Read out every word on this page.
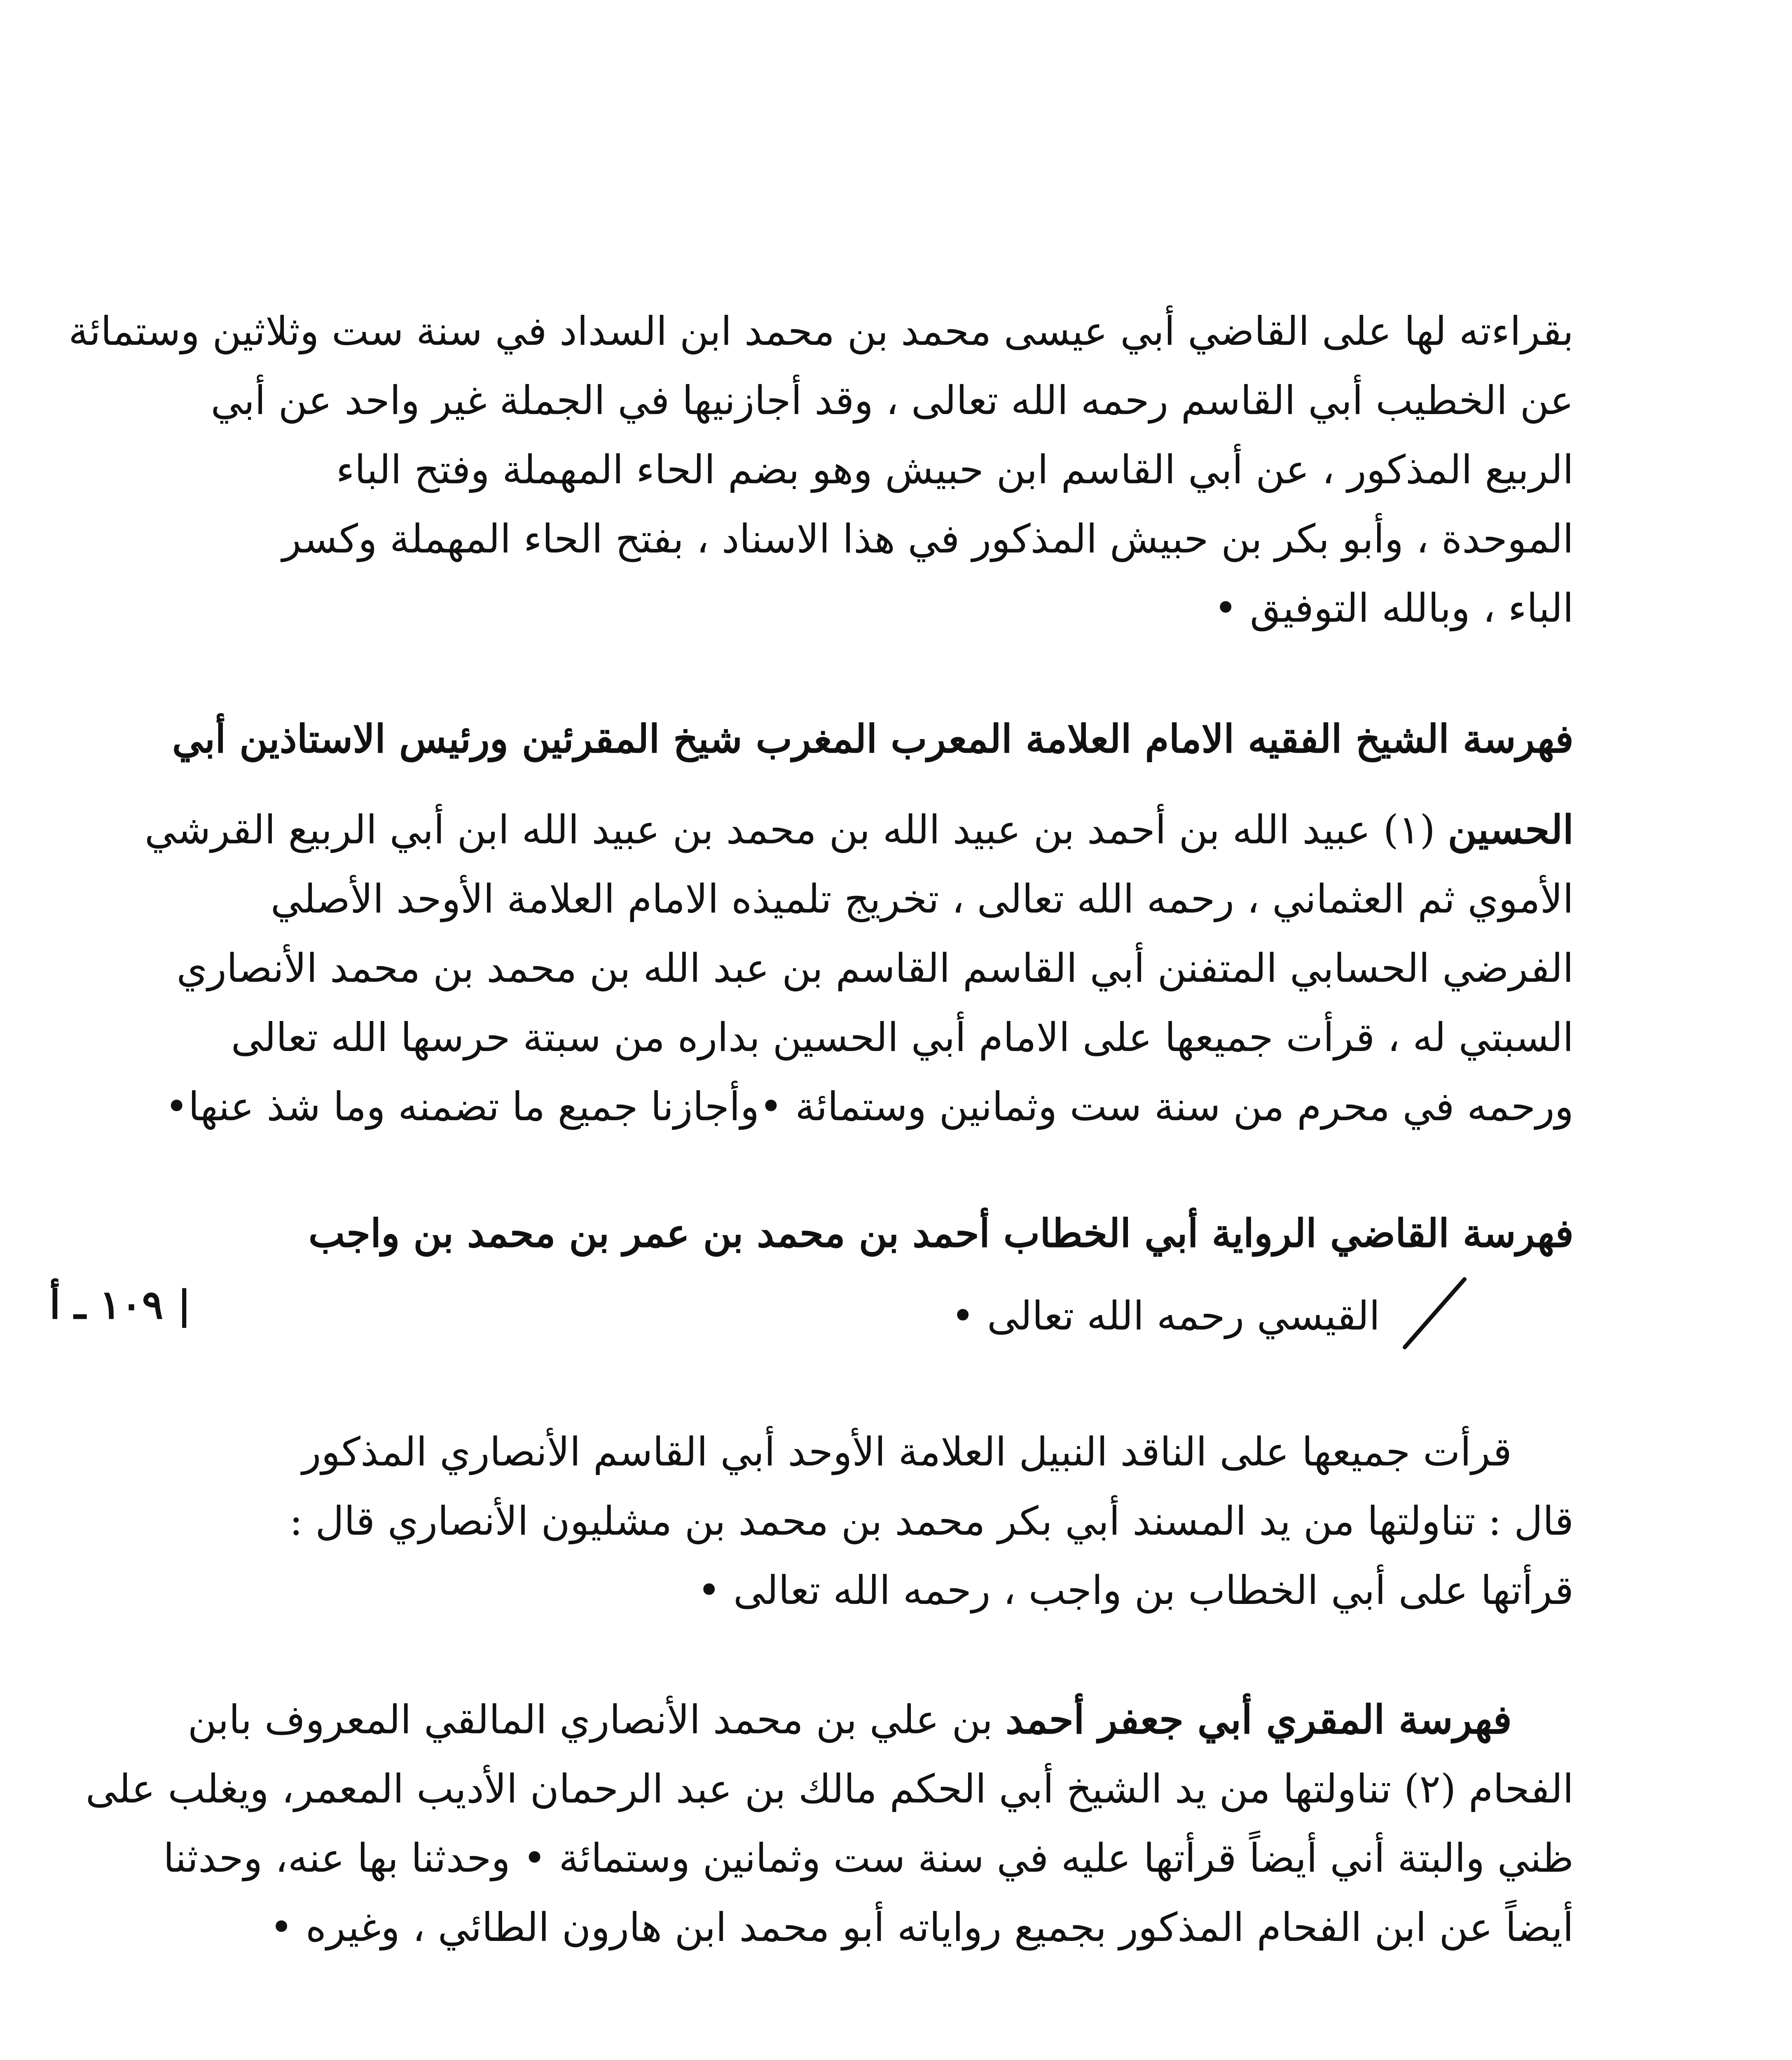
بقراءته لها على القاضي أبي عيسى محمد بن محمد ابن السداد في سنة ست وثلاثين وستمائة
عن الخطيب أبي القاسم رحمه الله تعالى ، وقد أجازنيها في الجملة غير واحد عن أبي
الربيع المذكور ، عن أبي القاسم ابن حبيش وهو بضم الحاء المهملة وفتح الباء
الموحدة ، وأبو بكر بن حبيش المذكور في هذا الاسناد ، بفتح الحاء المهملة وكسر
الباء ، وبالله التوفيق •
فهرسة الشيخ الفقيه الامام العلامة المعرب المغرب شيخ المقرئين ورئيس الاستاذين أبي
الحسين (١) عبيد الله بن أحمد بن عبيد الله بن محمد بن عبيد الله ابن أبي الربيع القرشي
الأموي ثم العثماني ، رحمه الله تعالى ، تخريج تلميذه الامام العلامة الأوحد الأصلي
الفرضي الحسابي المتفنن أبي القاسم القاسم بن عبد الله بن محمد بن محمد الأنصاري
السبتي له ، قرأت جميعها على الامام أبي الحسين بداره من سبتة حرسها الله تعالى
ورحمه في محرم من سنة ست وثمانين وستمائة •وأجازنا جميع ما تضمنه وما شذ عنها•
فهرسة القاضي الرواية أبي الخطاب أحمد بن محمد بن عمر بن محمد بن واجب
القيسي رحمه الله تعالى •
| ١٠٩ ـ أ
قرأت جميعها على الناقد النبيل العلامة الأوحد أبي القاسم الأنصاري المذكور
قال : تناولتها من يد المسند أبي بكر محمد بن محمد بن مشليون الأنصاري قال :
قرأتها على أبي الخطاب بن واجب ، رحمه الله تعالى •
فهرسة المقري أبي جعفر أحمد بن علي بن محمد الأنصاري المالقي المعروف بابن
الفحام (٢) تناولتها من يد الشيخ أبي الحكم مالك بن عبد الرحمان الأديب المعمر، ويغلب على
ظني والبتة أني أيضاً قرأتها عليه في سنة ست وثمانين وستمائة • وحدثنا بها عنه، وحدثنا
أيضاً عن ابن الفحام المذكور بجميع رواياته أبو محمد ابن هارون الطائي ، وغيره •
